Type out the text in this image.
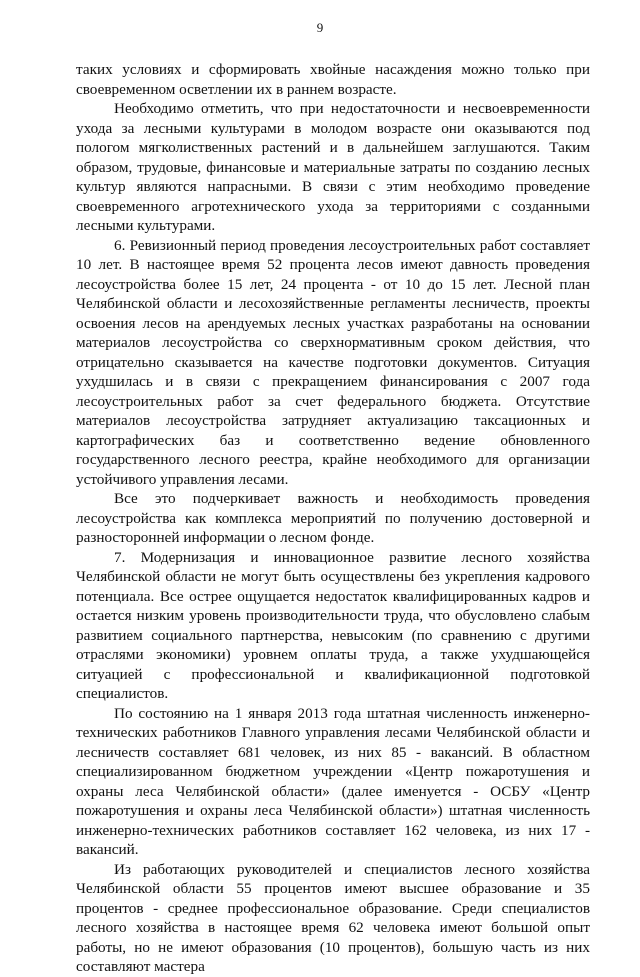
9

таких условиях и сформировать хвойные насаждения можно только при своевременном осветлении их в раннем возрасте.

Необходимо отметить, что при недостаточности и несвоевременности ухода за лесными культурами в молодом возрасте они оказываются под пологом мягколиственных растений и в дальнейшем заглушаются. Таким образом, трудовые, финансовые и материальные затраты по созданию лесных культур являются напрасными. В связи с этим необходимо проведение своевременного агротехнического ухода за территориями с созданными лесными культурами.

6. Ревизионный период проведения лесоустроительных работ составляет 10 лет. В настоящее время 52 процента лесов имеют давность проведения лесоустройства более 15 лет, 24 процента - от 10 до 15 лет. Лесной план Челябинской области и лесохозяйственные регламенты лесничеств, проекты освоения лесов на арендуемых лесных участках разработаны на основании материалов лесоустройства со сверхнормативным сроком действия, что отрицательно сказывается на качестве подготовки документов. Ситуация ухудшилась и в связи с прекращением финансирования с 2007 года лесоустроительных работ за счет федерального бюджета. Отсутствие материалов лесоустройства затрудняет актуализацию таксационных и картографических баз и соответственно ведение обновленного государственного лесного реестра, крайне необходимого для организации устойчивого управления лесами.

Все это подчеркивает важность и необходимость проведения лесоустройства как комплекса мероприятий по получению достоверной и разносторонней информации о лесном фонде.

7. Модернизация и инновационное развитие лесного хозяйства Челябинской области не могут быть осуществлены без укрепления кадрового потенциала. Все острее ощущается недостаток квалифицированных кадров и остается низким уровень производительности труда, что обусловлено слабым развитием социального партнерства, невысоким (по сравнению с другими отраслями экономики) уровнем оплаты труда, а также ухудшающейся ситуацией с профессиональной и квалификационной подготовкой специалистов.

По состоянию на 1 января 2013 года штатная численность инженерно-технических работников Главного управления лесами Челябинской области и лесничеств составляет 681 человек, из них 85 - вакансий. В областном специализированном бюджетном учреждении «Центр пожаротушения и охраны леса Челябинской области» (далее именуется - ОСБУ «Центр пожаротушения и охраны леса Челябинской области») штатная численность инженерно-технических работников составляет 162 человека, из них 17 - вакансий.

Из работающих руководителей и специалистов лесного хозяйства Челябинской области 55 процентов имеют высшее образование и 35 процентов - среднее профессиональное образование. Среди специалистов лесного хозяйства в настоящее время 62 человека имеют большой опыт работы, но не имеют образования (10 процентов), большую часть из них составляют мастера
